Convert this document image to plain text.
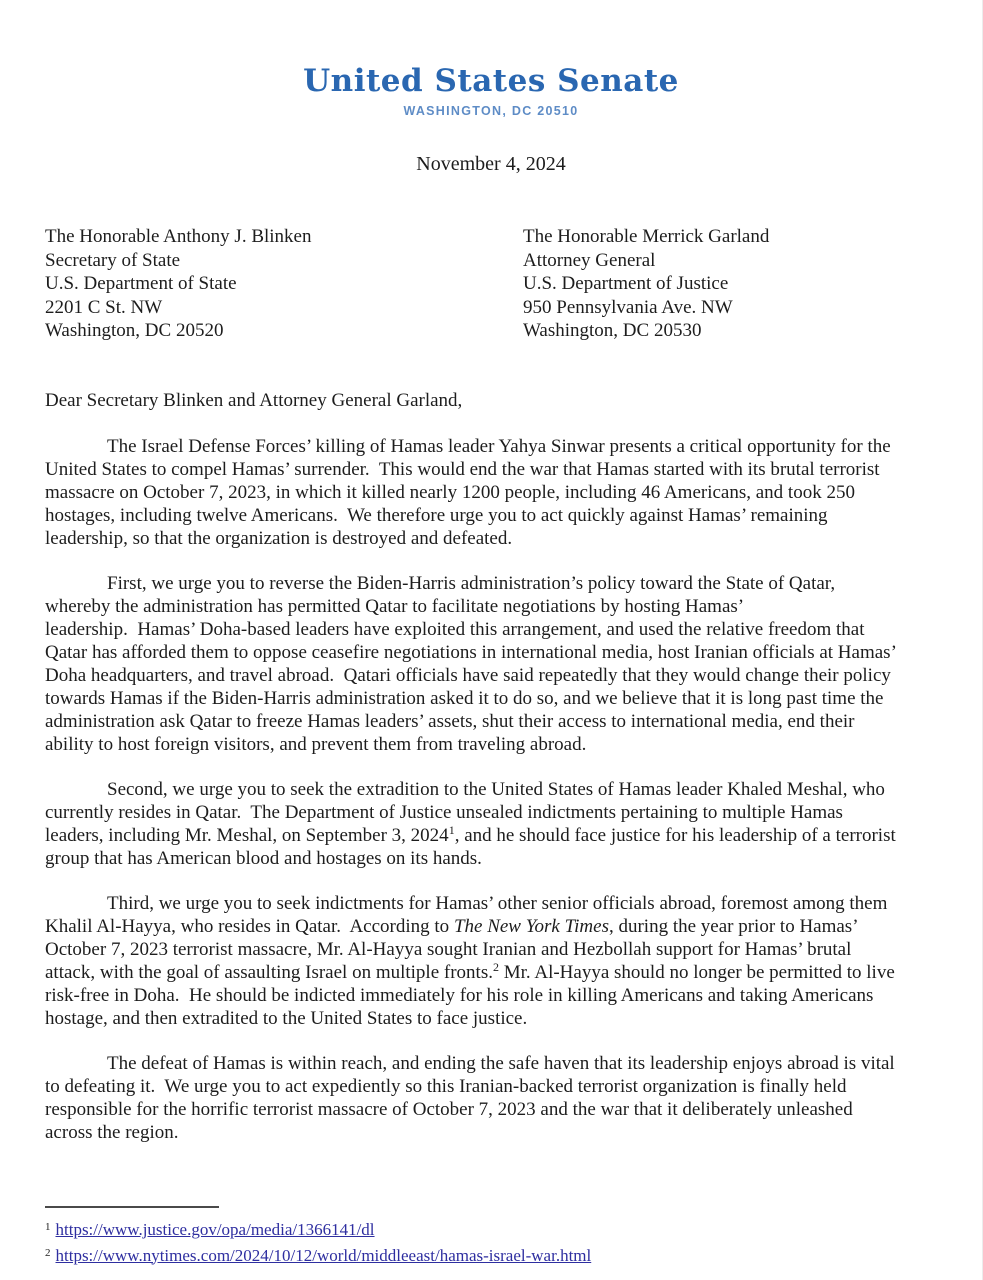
United States Senate
WASHINGTON, DC 20510
November 4, 2024
The Honorable Anthony J. Blinken
Secretary of State
U.S. Department of State
2201 C St. NW
Washington, DC 20520
The Honorable Merrick Garland
Attorney General
U.S. Department of Justice
950 Pennsylvania Ave. NW
Washington, DC 20530
Dear Secretary Blinken and Attorney General Garland,
The Israel Defense Forces’ killing of Hamas leader Yahya Sinwar presents a critical opportunity for the
United States to compel Hamas’ surrender.  This would end the war that Hamas started with its brutal terrorist
massacre on October 7, 2023, in which it killed nearly 1200 people, including 46 Americans, and took 250
hostages, including twelve Americans.  We therefore urge you to act quickly against Hamas’ remaining
leadership, so that the organization is destroyed and defeated.
First, we urge you to reverse the Biden-Harris administration’s policy toward the State of Qatar,
whereby the administration has permitted Qatar to facilitate negotiations by hosting Hamas’
leadership.  Hamas’ Doha-based leaders have exploited this arrangement, and used the relative freedom that
Qatar has afforded them to oppose ceasefire negotiations in international media, host Iranian officials at Hamas’
Doha headquarters, and travel abroad.  Qatari officials have said repeatedly that they would change their policy
towards Hamas if the Biden-Harris administration asked it to do so, and we believe that it is long past time the
administration ask Qatar to freeze Hamas leaders’ assets, shut their access to international media, end their
ability to host foreign visitors, and prevent them from traveling abroad.
Second, we urge you to seek the extradition to the United States of Hamas leader Khaled Meshal, who
currently resides in Qatar.  The Department of Justice unsealed indictments pertaining to multiple Hamas
leaders, including Mr. Meshal, on September 3, 2024$^1$, and he should face justice for his leadership of a terrorist
group that has American blood and hostages on its hands.
Third, we urge you to seek indictments for Hamas’ other senior officials abroad, foremost among them
Khalil Al-Hayya, who resides in Qatar.  According to The New York Times, during the year prior to Hamas’
October 7, 2023 terrorist massacre, Mr. Al-Hayya sought Iranian and Hezbollah support for Hamas’ brutal
attack, with the goal of assaulting Israel on multiple fronts.$^2$ Mr. Al-Hayya should no longer be permitted to live
risk-free in Doha.  He should be indicted immediately for his role in killing Americans and taking Americans
hostage, and then extradited to the United States to face justice.
The defeat of Hamas is within reach, and ending the safe haven that its leadership enjoys abroad is vital
to defeating it.  We urge you to act expediently so this Iranian-backed terrorist organization is finally held
responsible for the horrific terrorist massacre of October 7, 2023 and the war that it deliberately unleashed
across the region.
$^1$ https://www.justice.gov/opa/media/1366141/dl
$^2$ https://www.nytimes.com/2024/10/12/world/middleeast/hamas-israel-war.html
